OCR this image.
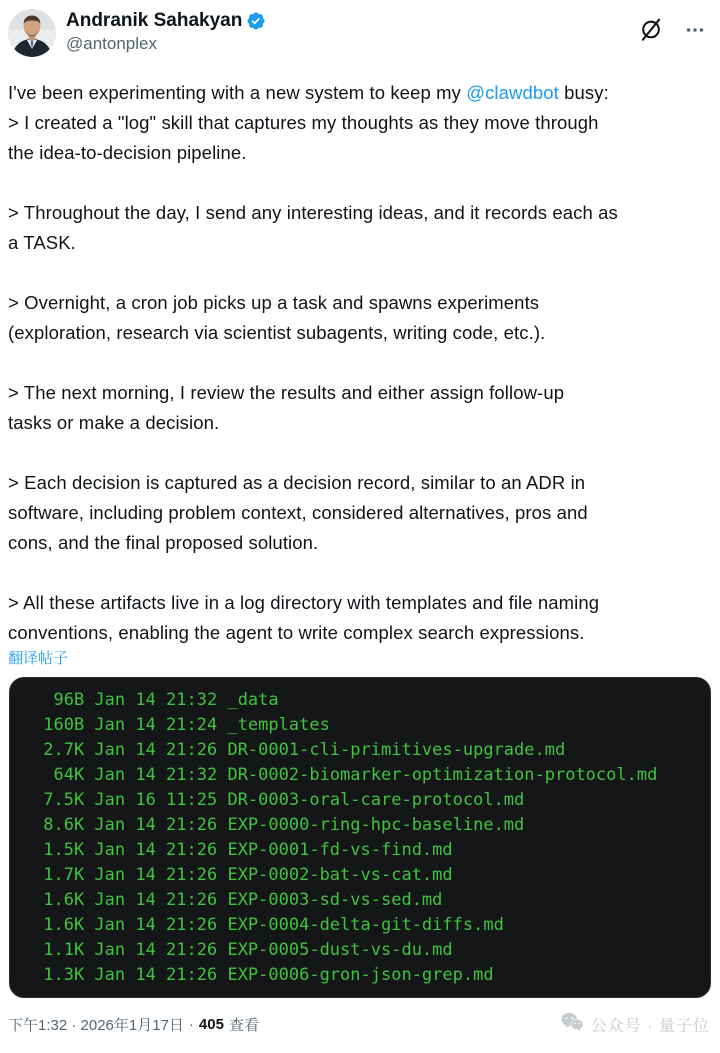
Andranik Sahakyan
@antonplex
I've been experimenting with a new system to keep my @clawdbot busy:
> I created a "log" skill that captures my thoughts as they move through
the idea-to-decision pipeline.
> Throughout the day, I send any interesting ideas, and it records each as
a TASK.
> Overnight, a cron job picks up a task and spawns experiments
(exploration, research via scientist subagents, writing code, etc.).
> The next morning, I review the results and either assign follow-up
tasks or make a decision.
> Each decision is captured as a decision record, similar to an ADR in
software, including problem context, considered alternatives, pros and
cons, and the final proposed solution.
> All these artifacts live in a log directory with templates and file naming
conventions, enabling the agent to write complex search expressions.
翻译帖子
96B Jan 14 21:32 _data
160B Jan 14 21:24 _templates
2.7K Jan 14 21:26 DR-0001-cli-primitives-upgrade.md
64K Jan 14 21:32 DR-0002-biomarker-optimization-protocol.md
7.5K Jan 16 11:25 DR-0003-oral-care-protocol.md
8.6K Jan 14 21:26 EXP-0000-ring-hpc-baseline.md
1.5K Jan 14 21:26 EXP-0001-fd-vs-find.md
1.7K Jan 14 21:26 EXP-0002-bat-vs-cat.md
1.6K Jan 14 21:26 EXP-0003-sd-vs-sed.md
1.6K Jan 14 21:26 EXP-0004-delta-git-diffs.md
1.1K Jan 14 21:26 EXP-0005-dust-vs-du.md
1.3K Jan 14 21:26 EXP-0006-gron-json-grep.md
下午1:32 · 2026年1月17日 · 405 查看	公众号 · 量子位
